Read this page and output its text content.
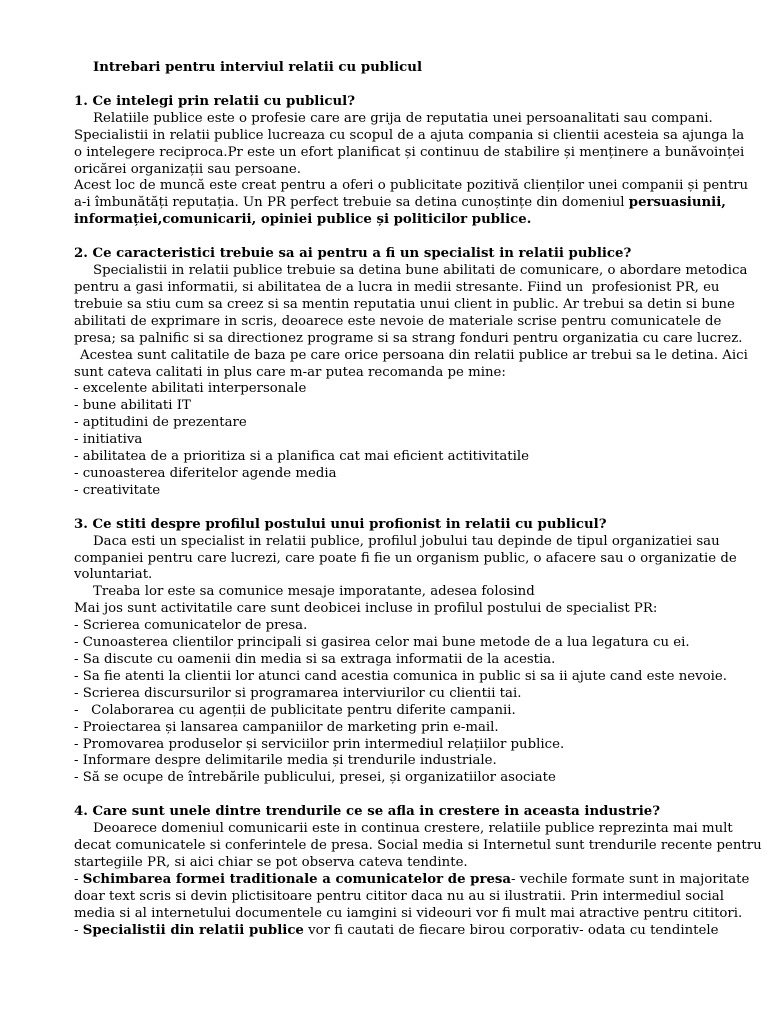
Intrebari pentru interviul relatii cu publicul
1. Ce intelegi prin relatii cu publicul?
Relatiile publice este o profesie care are grija de reputatia unei persoanalitati sau compani.
Specialistii in relatii publice lucreaza cu scopul de a ajuta compania si clientii acesteia sa ajunga la
o intelegere reciproca.Pr este un efort planificat și continuu de stabilire și menținere a bunăvoinței
oricărei organizații sau persoane.
Acest loc de muncă este creat pentru a oferi o publicitate pozitivă clienților unei companii și pentru
a-i îmbunătăți reputația. Un PR perfect trebuie sa detina cunoștințe din domeniul persuasiunii,
informației,comunicarii, opiniei publice și politicilor publice.
2. Ce caracteristici trebuie sa ai pentru a fi un specialist in relatii publice?
Specialistii in relatii publice trebuie sa detina bune abilitati de comunicare, o abordare metodica
pentru a gasi informatii, si abilitatea de a lucra in medii stresante. Fiind un  profesionist PR, eu
trebuie sa stiu cum sa creez si sa mentin reputatia unui client in public. Ar trebui sa detin si bune
abilitati de exprimare in scris, deoarece este nevoie de materiale scrise pentru comunicatele de
presa; sa palnific si sa directionez programe si sa strang fonduri pentru organizatia cu care lucrez.
Acestea sunt calitatile de baza pe care orice persoana din relatii publice ar trebui sa le detina. Aici
sunt cateva calitati in plus care m-ar putea recomanda pe mine:
- excelente abilitati interpersonale
- bune abilitati IT
- aptitudini de prezentare
- initiativa
- abilitatea de a prioritiza si a planifica cat mai eficient actitivitatile
- cunoasterea diferitelor agende media
- creativitate
3. Ce stiti despre profilul postului unui profionist in relatii cu publicul?
Daca esti un specialist in relatii publice, profilul jobului tau depinde de tipul organizatiei sau
companiei pentru care lucrezi, care poate fi fie un organism public, o afacere sau o organizatie de
voluntariat.
Treaba lor este sa comunice mesaje imporatante, adesea folosind
Mai jos sunt activitatile care sunt deobicei incluse in profilul postului de specialist PR:
- Scrierea comunicatelor de presa.
- Cunoasterea clientilor principali si gasirea celor mai bune metode de a lua legatura cu ei.
- Sa discute cu oamenii din media si sa extraga informatii de la acestia.
- Sa fie atenti la clientii lor atunci cand acestia comunica in public si sa ii ajute cand este nevoie.
- Scrierea discursurilor si programarea interviurilor cu clientii tai.
-   Colaborarea cu agenții de publicitate pentru diferite campanii.
- Proiectarea și lansarea campaniilor de marketing prin e-mail.
- Promovarea produselor și serviciilor prin intermediul relațiilor publice.
- Informare despre delimitarile media și trendurile industriale.
- Să se ocupe de întrebările publicului, presei, și organizatiilor asociate
4. Care sunt unele dintre trendurile ce se afla in crestere in aceasta industrie?
Deoarece domeniul comunicarii este in continua crestere, relatiile publice reprezinta mai mult
decat comunicatele si conferintele de presa. Social media si Internetul sunt trendurile recente pentru
startegiile PR, si aici chiar se pot observa cateva tendinte.
- Schimbarea formei traditionale a comunicatelor de presa- vechile formate sunt in majoritate
doar text scris si devin plictisitoare pentru cititor daca nu au si ilustratii. Prin intermediul social
media si al internetului documentele cu iamgini si videouri vor fi mult mai atractive pentru cititori.
- Specialistii din relatii publice vor fi cautati de fiecare birou corporativ- odata cu tendintele
